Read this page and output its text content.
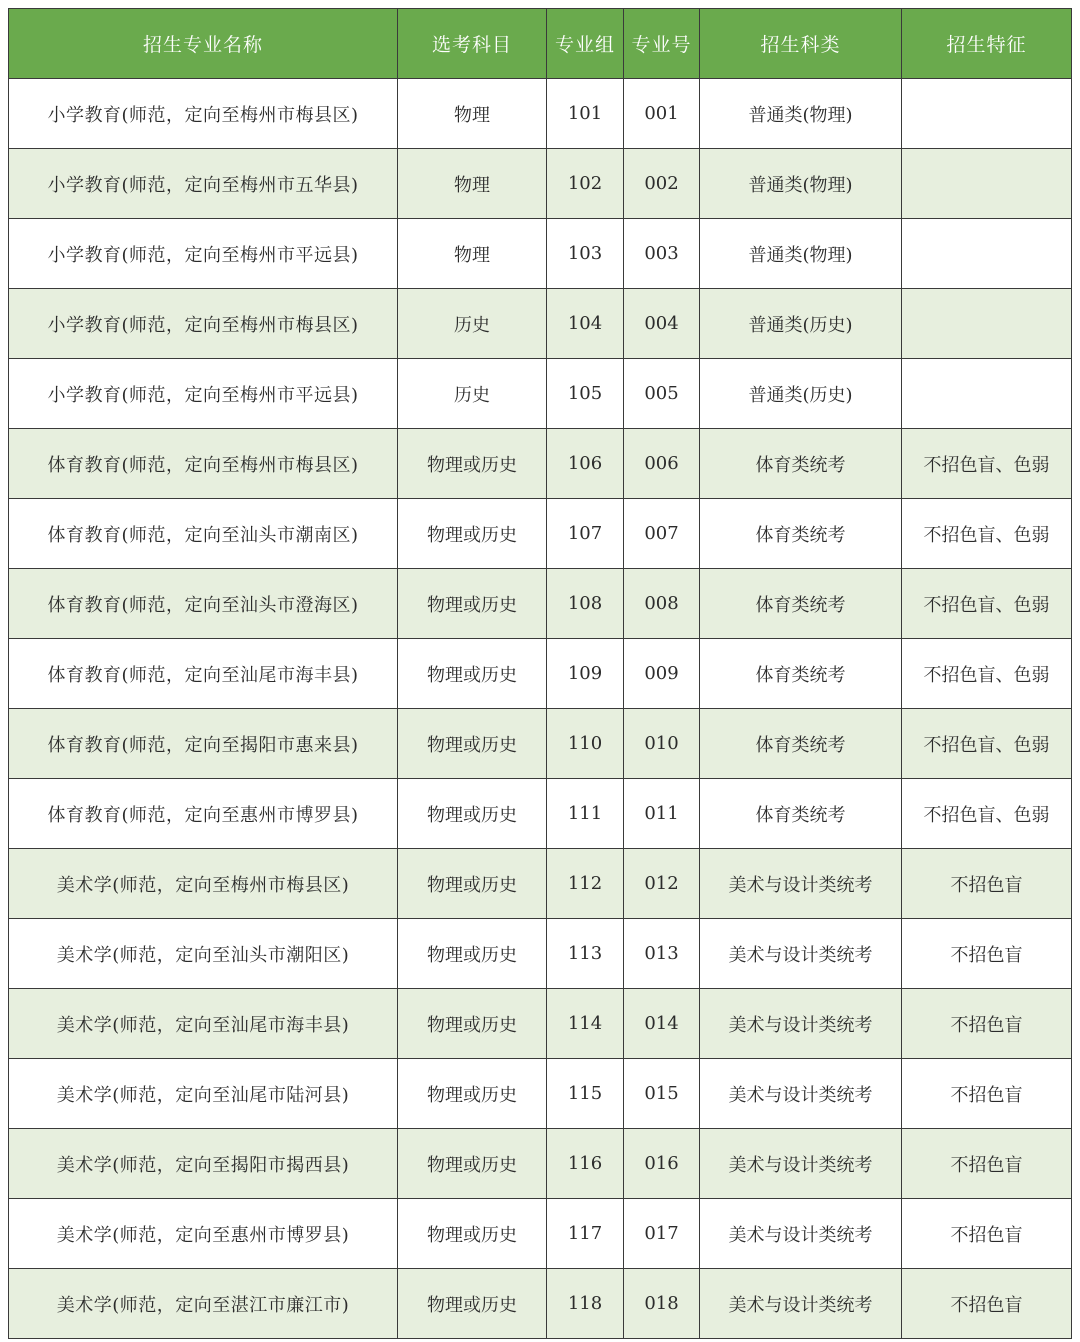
招生专业名称	选考科目	专业组	专业号	招生科类	招生特征
小学教育(师范，定向至梅州市梅县区)	物理	101	001	普通类(物理)	
小学教育(师范，定向至梅州市五华县)	物理	102	002	普通类(物理)	
小学教育(师范，定向至梅州市平远县)	物理	103	003	普通类(物理)	
小学教育(师范，定向至梅州市梅县区)	历史	104	004	普通类(历史)	
小学教育(师范，定向至梅州市平远县)	历史	105	005	普通类(历史)	
体育教育(师范，定向至梅州市梅县区)	物理或历史	106	006	体育类统考	不招色盲、色弱
体育教育(师范，定向至汕头市潮南区)	物理或历史	107	007	体育类统考	不招色盲、色弱
体育教育(师范，定向至汕头市澄海区)	物理或历史	108	008	体育类统考	不招色盲、色弱
体育教育(师范，定向至汕尾市海丰县)	物理或历史	109	009	体育类统考	不招色盲、色弱
体育教育(师范，定向至揭阳市惠来县)	物理或历史	110	010	体育类统考	不招色盲、色弱
体育教育(师范，定向至惠州市博罗县)	物理或历史	111	011	体育类统考	不招色盲、色弱
美术学(师范，定向至梅州市梅县区)	物理或历史	112	012	美术与设计类统考	不招色盲
美术学(师范，定向至汕头市潮阳区)	物理或历史	113	013	美术与设计类统考	不招色盲
美术学(师范，定向至汕尾市海丰县)	物理或历史	114	014	美术与设计类统考	不招色盲
美术学(师范，定向至汕尾市陆河县)	物理或历史	115	015	美术与设计类统考	不招色盲
美术学(师范，定向至揭阳市揭西县)	物理或历史	116	016	美术与设计类统考	不招色盲
美术学(师范，定向至惠州市博罗县)	物理或历史	117	017	美术与设计类统考	不招色盲
美术学(师范，定向至湛江市廉江市)	物理或历史	118	018	美术与设计类统考	不招色盲
